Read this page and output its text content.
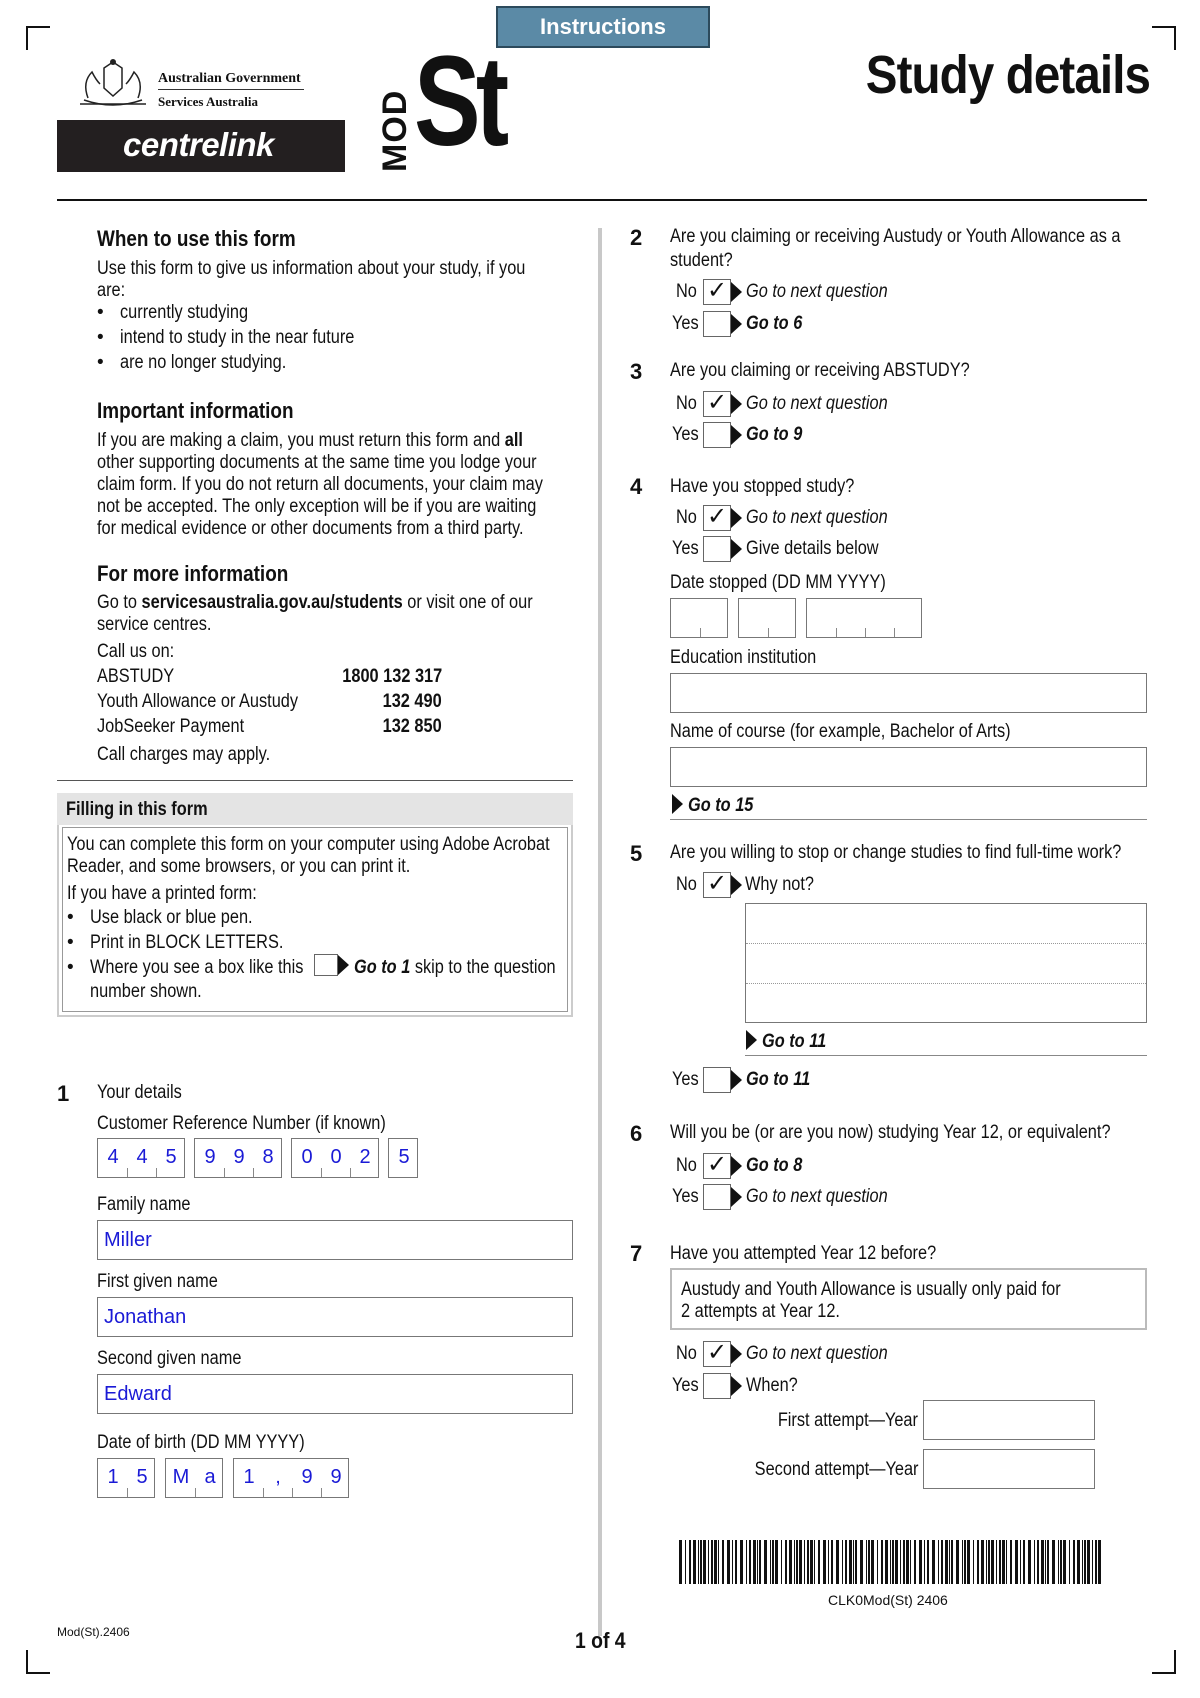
Instructions
Australian Government
Services Australia
centrelink	MOD St	Study details
When to use this form
Use this form to give us information about your study, if you
are:
• currently studying
• intend to study in the near future
• are no longer studying.
Important information
If you are making a claim, you must return this form and all
other supporting documents at the same time you lodge your
claim form. If you do not return all documents, your claim may
not be accepted. The only exception will be if you are waiting
for medical evidence or other documents from a third party.
For more information
Go to servicesaustralia.gov.au/students or visit one of our
service centres.
Call us on:
ABSTUDY	1800 132 317
Youth Allowance or Austudy	132 490
JobSeeker Payment	132 850
Call charges may apply.
Filling in this form
You can complete this form on your computer using Adobe Acrobat
Reader, and some browsers, or you can print it.
If you have a printed form:
• Use black or blue pen.
• Print in BLOCK LETTERS.
• Where you see a box like this	Go to 1 skip to the question
number shown.
1 Your details
Customer Reference Number (if known)
4 4 5	9 9 8	0 0 2	5
Family name
Miller
First given name
Jonathan
Second given name
Edward
Date of birth (DD MM YYYY)
1 5	M a	1	,	9 9
Mod(St).2406
2 Are you claiming or receiving Austudy or Youth Allowance as a
student?
No ✓ Go to next question
Yes Go to 6
3 Are you claiming or receiving ABSTUDY?
No ✓ Go to next question
Yes Go to 9
4 Have you stopped study?
No ✓ Go to next question
Yes Give details below
Date stopped (DD MM YYYY)
Education institution
Name of course (for example, Bachelor of Arts)
Go to 15
5 Are you willing to stop or change studies to find full-time work?
No ✓ Why not?
Go to 11
Yes Go to 11
6 Will you be (or are you now) studying Year 12, or equivalent?
No ✓ Go to 8
Yes Go to next question
7 Have you attempted Year 12 before?
Austudy and Youth Allowance is usually only paid for
2 attempts at Year 12.
No ✓ Go to next question
Yes When?
First attempt—Year
Second attempt—Year
CLK0Mod(St) 2406
1 of 4
